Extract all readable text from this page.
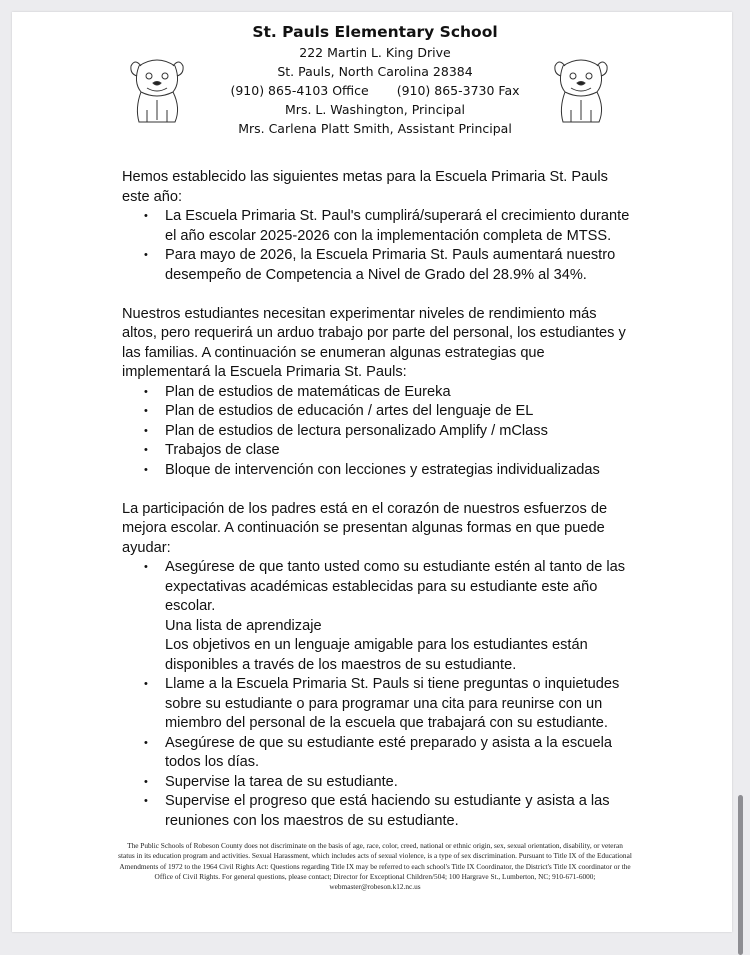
St. Pauls Elementary School
222 Martin L. King Drive
St. Pauls, North Carolina 28384
(910) 865-4103 Office (910) 865-3730 Fax
Mrs. L. Washington, Principal
Mrs. Carlena Platt Smith, Assistant Principal

Hemos establecido las siguientes metas para la Escuela Primaria St. Pauls este año:

• La Escuela Primaria St. Paul's cumplirá/superará el crecimiento durante el año escolar 2025-2026 con la implementación completa de MTSS.
• Para mayo de 2026, la Escuela Primaria St. Pauls aumentará nuestro desempeño de Competencia a Nivel de Grado del 28.9% al 34%.

Nuestros estudiantes necesitan experimentar niveles de rendimiento más altos, pero requerirá un arduo trabajo por parte del personal, los estudiantes y las familias. A continuación se enumeran algunas estrategias que implementará la Escuela Primaria St. Pauls:

• Plan de estudios de matemáticas de Eureka
• Plan de estudios de educación / artes del lenguaje de EL
• Plan de estudios de lectura personalizado Amplify / mClass
• Trabajos de clase
• Bloque de intervención con lecciones y estrategias individualizadas

La participación de los padres está en el corazón de nuestros esfuerzos de mejora escolar. A continuación se presentan algunas formas en que puede ayudar:

• Asegúrese de que tanto usted como su estudiante estén al tanto de las expectativas académicas establecidas para su estudiante este año escolar.
Una lista de aprendizaje
Los objetivos en un lenguaje amigable para los estudiantes están disponibles a través de los maestros de su estudiante.
• Llame a la Escuela Primaria St. Pauls si tiene preguntas o inquietudes sobre su estudiante o para programar una cita para reunirse con un miembro del personal de la escuela que trabajará con su estudiante.
• Asegúrese de que su estudiante esté preparado y asista a la escuela todos los días.
• Supervise la tarea de su estudiante.
• Supervise el progreso que está haciendo su estudiante y asista a las reuniones con los maestros de su estudiante.
The Public Schools of Robeson County does not discriminate on the basis of age, race, color, creed, national or ethnic origin, sex, sexual orientation, disability, or veteran status in its education program and activities. Sexual Harassment, which includes acts of sexual violence, is a type of sex discrimination. Pursuant to Title IX of the Educational Amendments of 1972 to the 1964 Civil Rights Act: Questions regarding Title IX may be referred to each school's Title IX Coordinator, the District's Title IX coordinator or the Office of Civil Rights. For general questions, please contact; Director for Exceptional Children/504; 100 Hargrave St., Lumberton, NC; 910-671-6000; webmaster@robeson.k12.nc.us
